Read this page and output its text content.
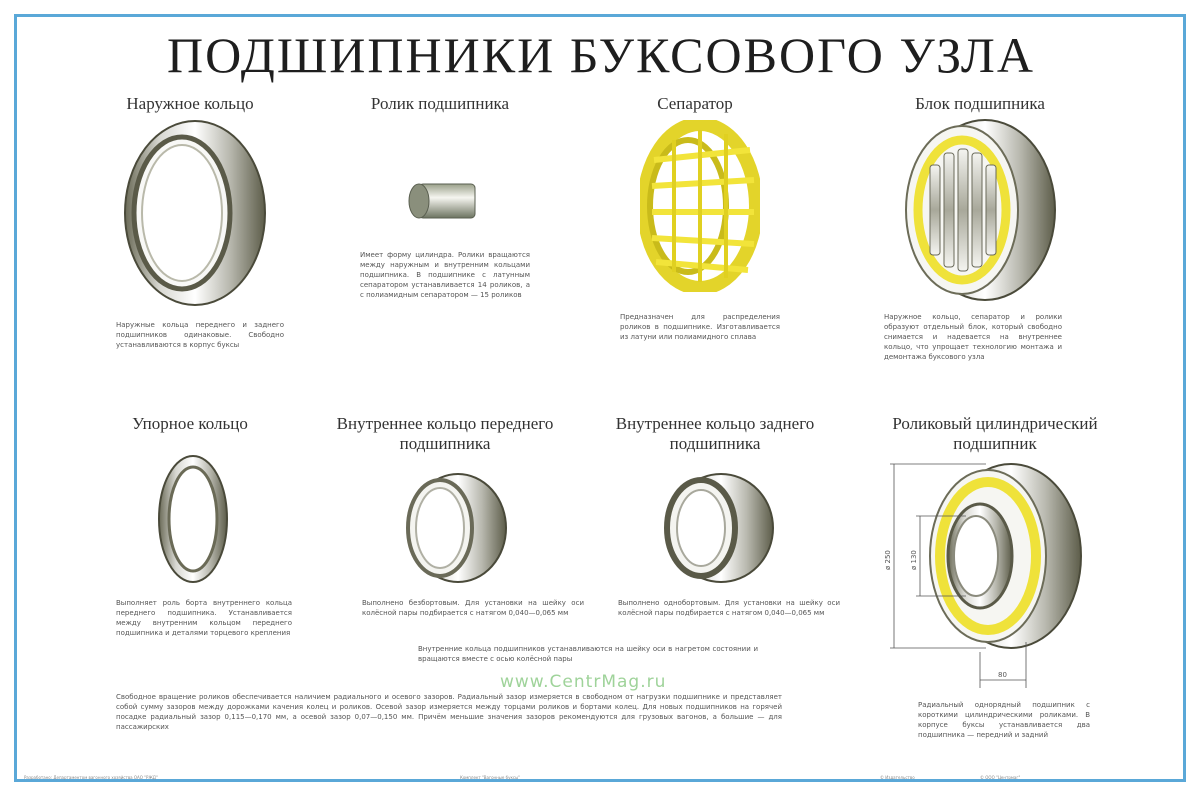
ПОДШИПНИКИ БУКСОВОГО УЗЛА
Наружное кольцо
Наружные кольца переднего и заднего подшипников одинаковые. Свободно устанавливаются в корпус буксы
Ролик подшипника
Имеет форму цилиндра. Ролики вращаются между наружным и внутренним кольцами подшипника. В подшипнике с латунным сепаратором устанавливается 14 роликов, а с полиамидным сепаратором — 15 роликов
Сепаратор
Предназначен для распределения роликов в подшипнике. Изготавливается из латуни или полиамидного сплава
Блок подшипника
Наружное кольцо, сепаратор и ролики образуют отдельный блок, который свободно снимается и надевается на внутреннее кольцо, что упрощает технологию монтажа и демонтажа буксового узла
Упорное кольцо
Выполняет роль борта внутреннего кольца переднего подшипника. Устанавливается между внутренним кольцом переднего подшипника и деталями торцевого крепления
Внутреннее кольцо переднего подшипника
Выполнено безбортовым. Для установки на шейку оси колёсной пары подбирается с натягом 0,040—0,065 мм
Внутреннее кольцо заднего подшипника
Выполнено однобортовым. Для установки на шейку оси колёсной пары подбирается с натягом 0,040—0,065 мм
Внутренние кольца подшипников устанавливаются на шейку оси в нагретом состоянии и вращаются вместе с осью колёсной пары
Роликовый цилиндрический подшипник
ø 250	ø 130
80
Радиальный однорядный подшипник с короткими цилиндрическими роликами. В корпусе буксы устанавливается два подшипника — передний и задний
www.CentrMag.ru
Свободное вращение роликов обеспечивается наличием радиального и осевого зазоров. Радиальный зазор измеряется в свободном от нагрузки подшипнике и представляет собой сумму зазоров между дорожками качения колец и роликов. Осевой зазор измеряется между торцами роликов и бортами колец. Для новых подшипников на горячей посадке радиальный зазор 0,115—0,170 мм, а осевой зазор 0,07—0,150 мм. Причём меньшие значения зазоров рекомендуются для грузовых вагонов, а большие — для пассажирских
Разработано: Департаментом вагонного хозяйства ОАО "РЖД"	Комплект "Вагонные буксы"	© Издательство	© ООО "Центрмаг"
